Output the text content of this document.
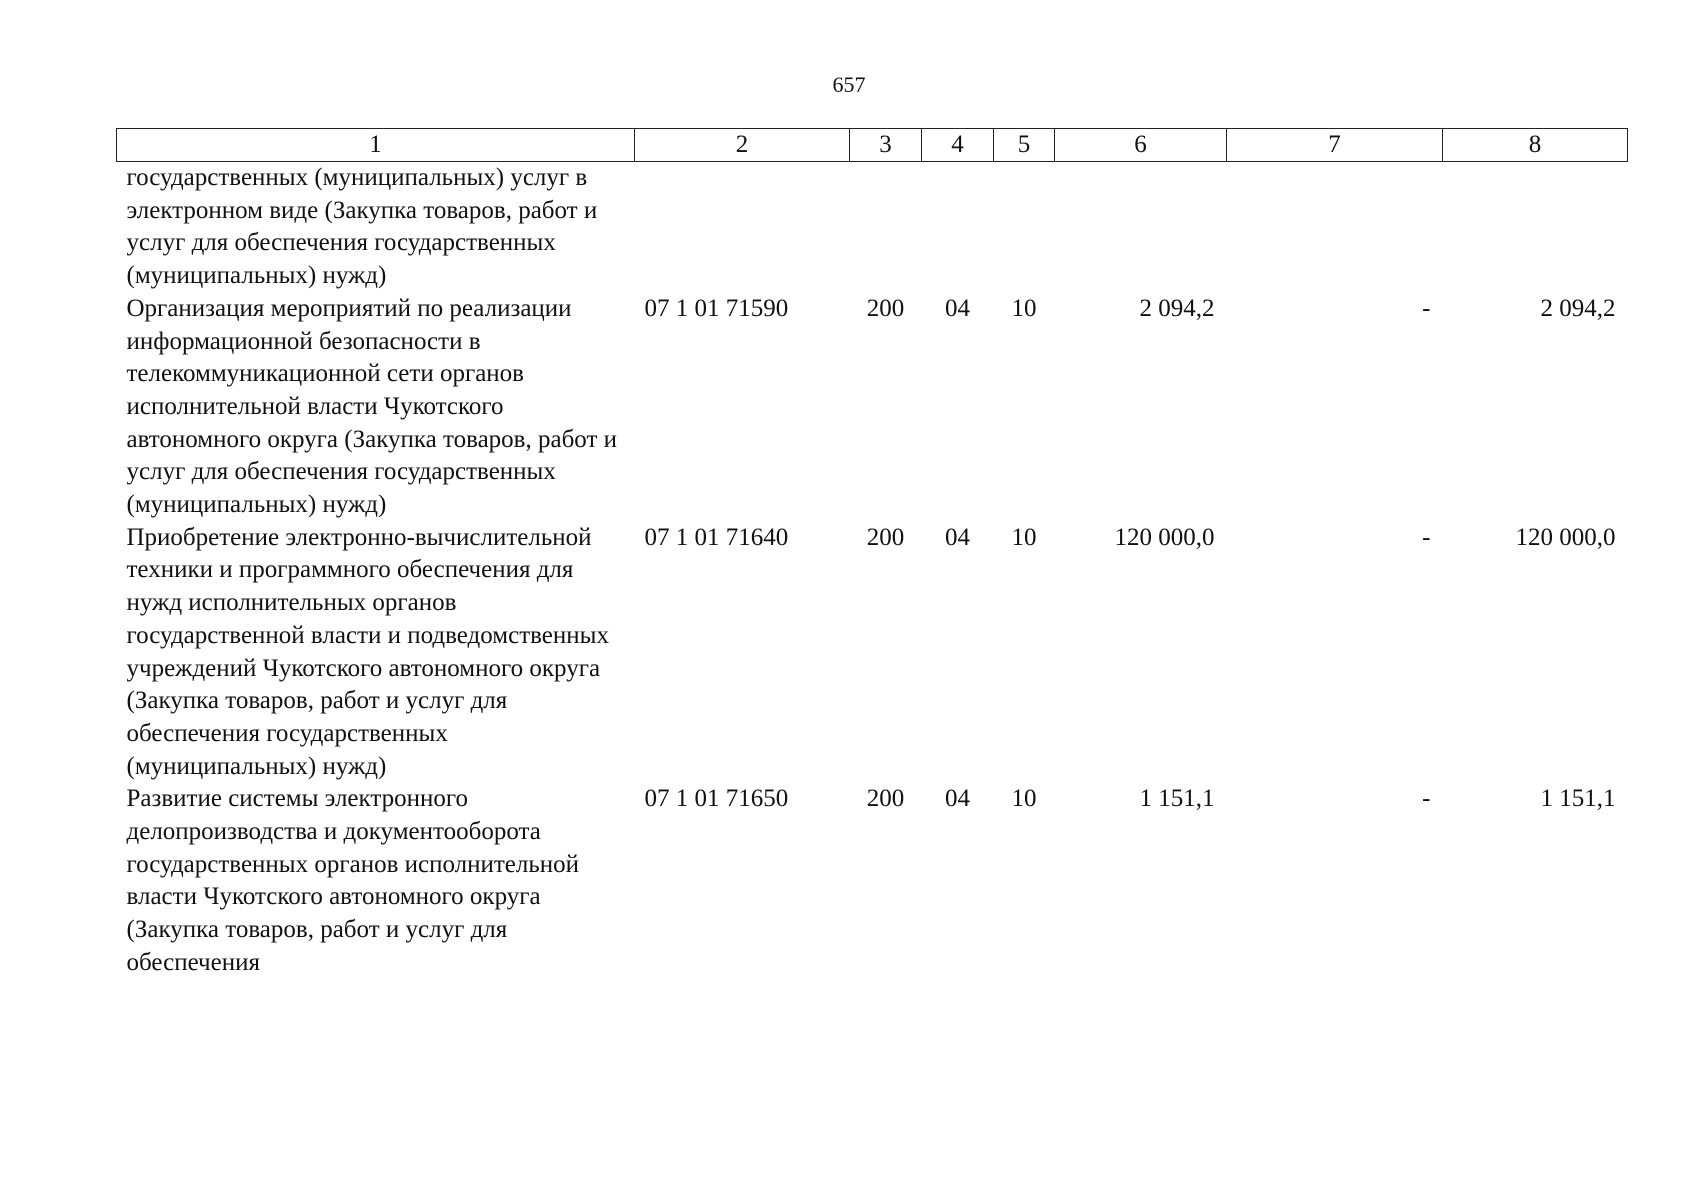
657
1	2	3	4	5	6	7	8
государственных (муниципальных) услуг в электронном виде (Закупка товаров, работ и услуг для обеспечения государственных (муниципальных) нужд)							
Организация мероприятий по реализации информационной безопасности в телекоммуникационной сети органов исполнительной власти Чукотского автономного округа (Закупка товаров, работ и услуг для обеспечения государственных (муниципальных) нужд)	07 1 01 71590	200	04	10	2 094,2	-	2 094,2
Приобретение электронно-вычислительной техники и программного обеспечения для нужд исполнительных органов государственной власти и подведомственных учреждений Чукотского автономного округа (Закупка товаров, работ и услуг для обеспечения государственных (муниципальных) нужд)	07 1 01 71640	200	04	10	120 000,0	-	120 000,0
Развитие системы электронного делопроизводства и документооборота государственных органов исполнительной власти Чукотского автономного округа (Закупка товаров, работ и услуг для обеспечения	07 1 01 71650	200	04	10	1 151,1	-	1 151,1
